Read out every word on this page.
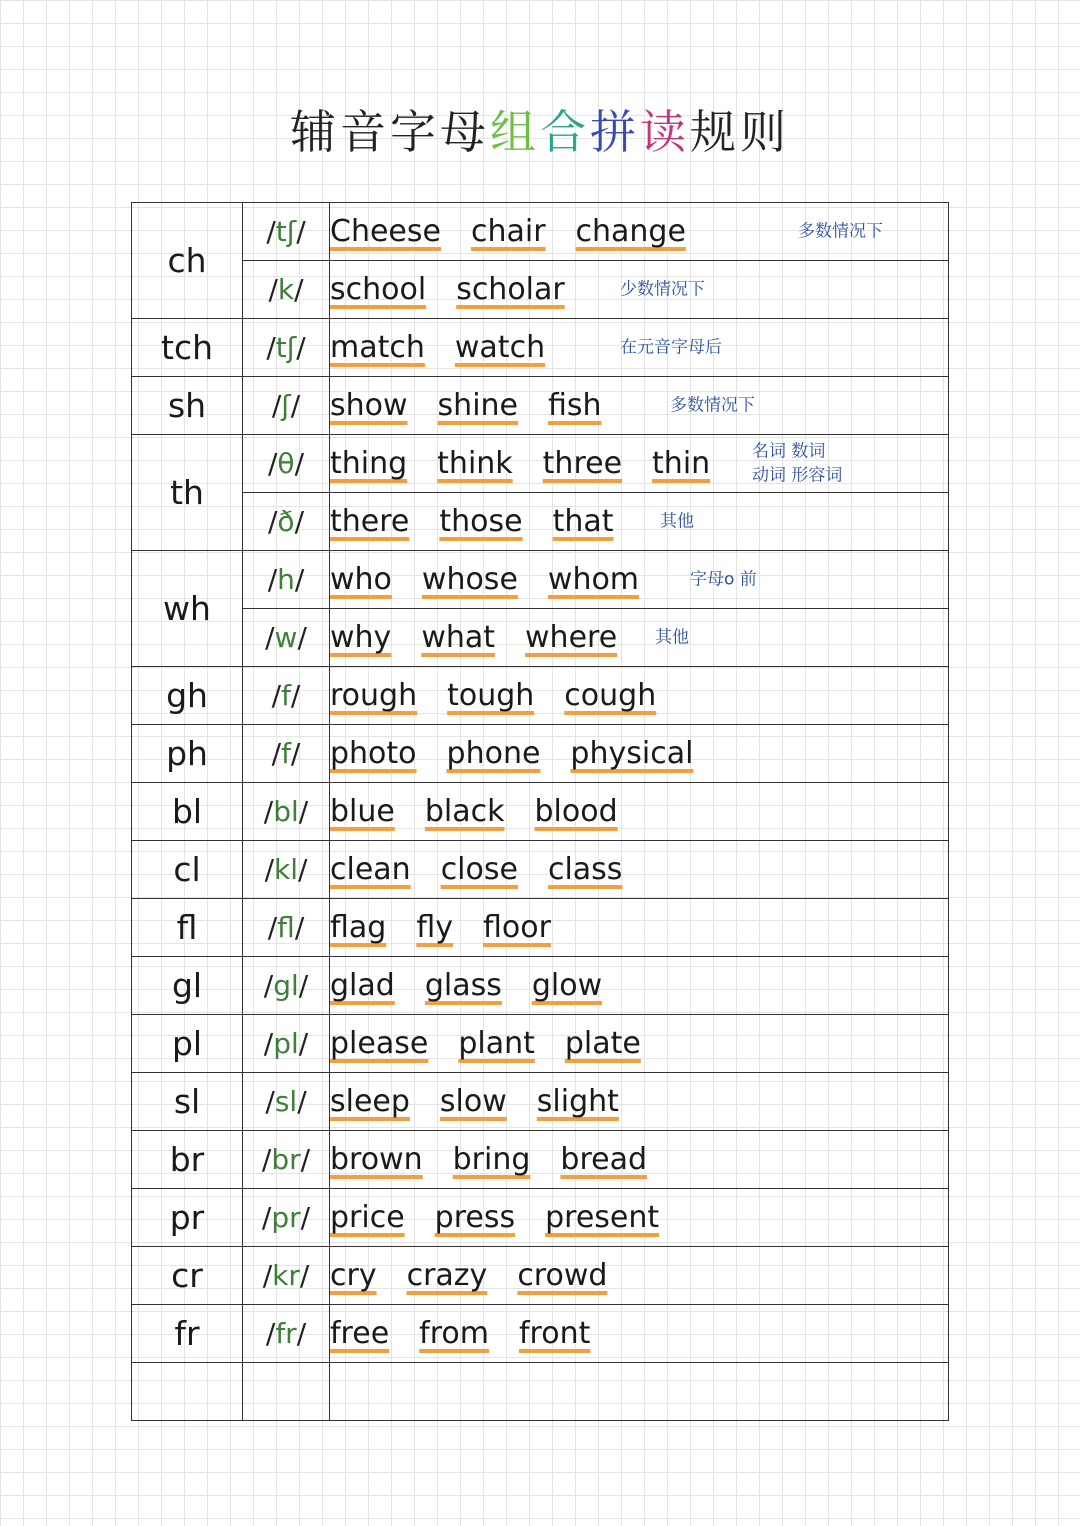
辅音字母组合拼读规则
ch	/tʃ/	Cheese chair change 多数情况下

	/k/	school scholar 少数情况下

tch	/tʃ/	match watch 在元音字母后

sh	/ʃ/	show shine fish 多数情况下

th	/θ/	thing think three thin 名词 数词
动词 形容词

	/ð/	there those that 其他

wh	/h/	who whose whom 字母o 前

	/w/	why what where 其他

gh	/f/	rough tough cough
ph	/f/	photo phone physical
bl	/bl/	blue black blood
cl	/kl/	clean close class
fl	/fl/	flag fly floor
gl	/gl/	glad glass glow
pl	/pl/	please plant plate
sl	/sl/	sleep slow slight
br	/br/	brown bring bread
pr	/pr/	price press present
cr	/kr/	cry crazy crowd
fr	/fr/	free from front
